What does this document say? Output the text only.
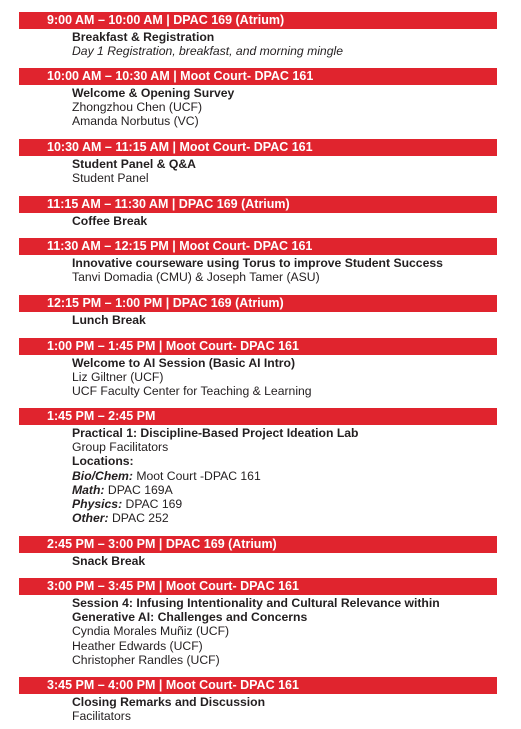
9:00 AM – 10:00 AM | DPAC 169 (Atrium)
Breakfast & Registration
Day 1 Registration, breakfast, and morning mingle
10:00 AM – 10:30 AM | Moot Court- DPAC 161
Welcome & Opening Survey
Zhongzhou Chen (UCF)
Amanda Norbutus (VC)
10:30 AM – 11:15 AM | Moot Court- DPAC 161
Student Panel & Q&A
Student Panel
11:15 AM – 11:30 AM | DPAC 169 (Atrium)
Coffee Break
11:30 AM – 12:15 PM | Moot Court- DPAC 161
Innovative courseware using Torus to improve Student Success
Tanvi Domadia (CMU) & Joseph Tamer (ASU)
12:15 PM – 1:00 PM | DPAC 169 (Atrium)
Lunch Break
1:00 PM – 1:45 PM | Moot Court- DPAC 161
Welcome to AI Session (Basic AI Intro)
Liz Giltner (UCF)
UCF Faculty Center for Teaching & Learning
1:45 PM – 2:45 PM
Practical 1: Discipline-Based Project Ideation Lab
Group Facilitators
Locations:
Bio/Chem: Moot Court -DPAC 161
Math: DPAC 169A
Physics: DPAC 169
Other: DPAC 252
2:45 PM – 3:00 PM | DPAC 169 (Atrium)
Snack Break
3:00 PM – 3:45 PM | Moot Court- DPAC 161
Session 4: Infusing Intentionality and Cultural Relevance within
Generative AI: Challenges and Concerns
Cyndia Morales Muñiz (UCF)
Heather Edwards (UCF)
Christopher Randles (UCF)
3:45 PM – 4:00 PM | Moot Court- DPAC 161
Closing Remarks and Discussion
Facilitators
